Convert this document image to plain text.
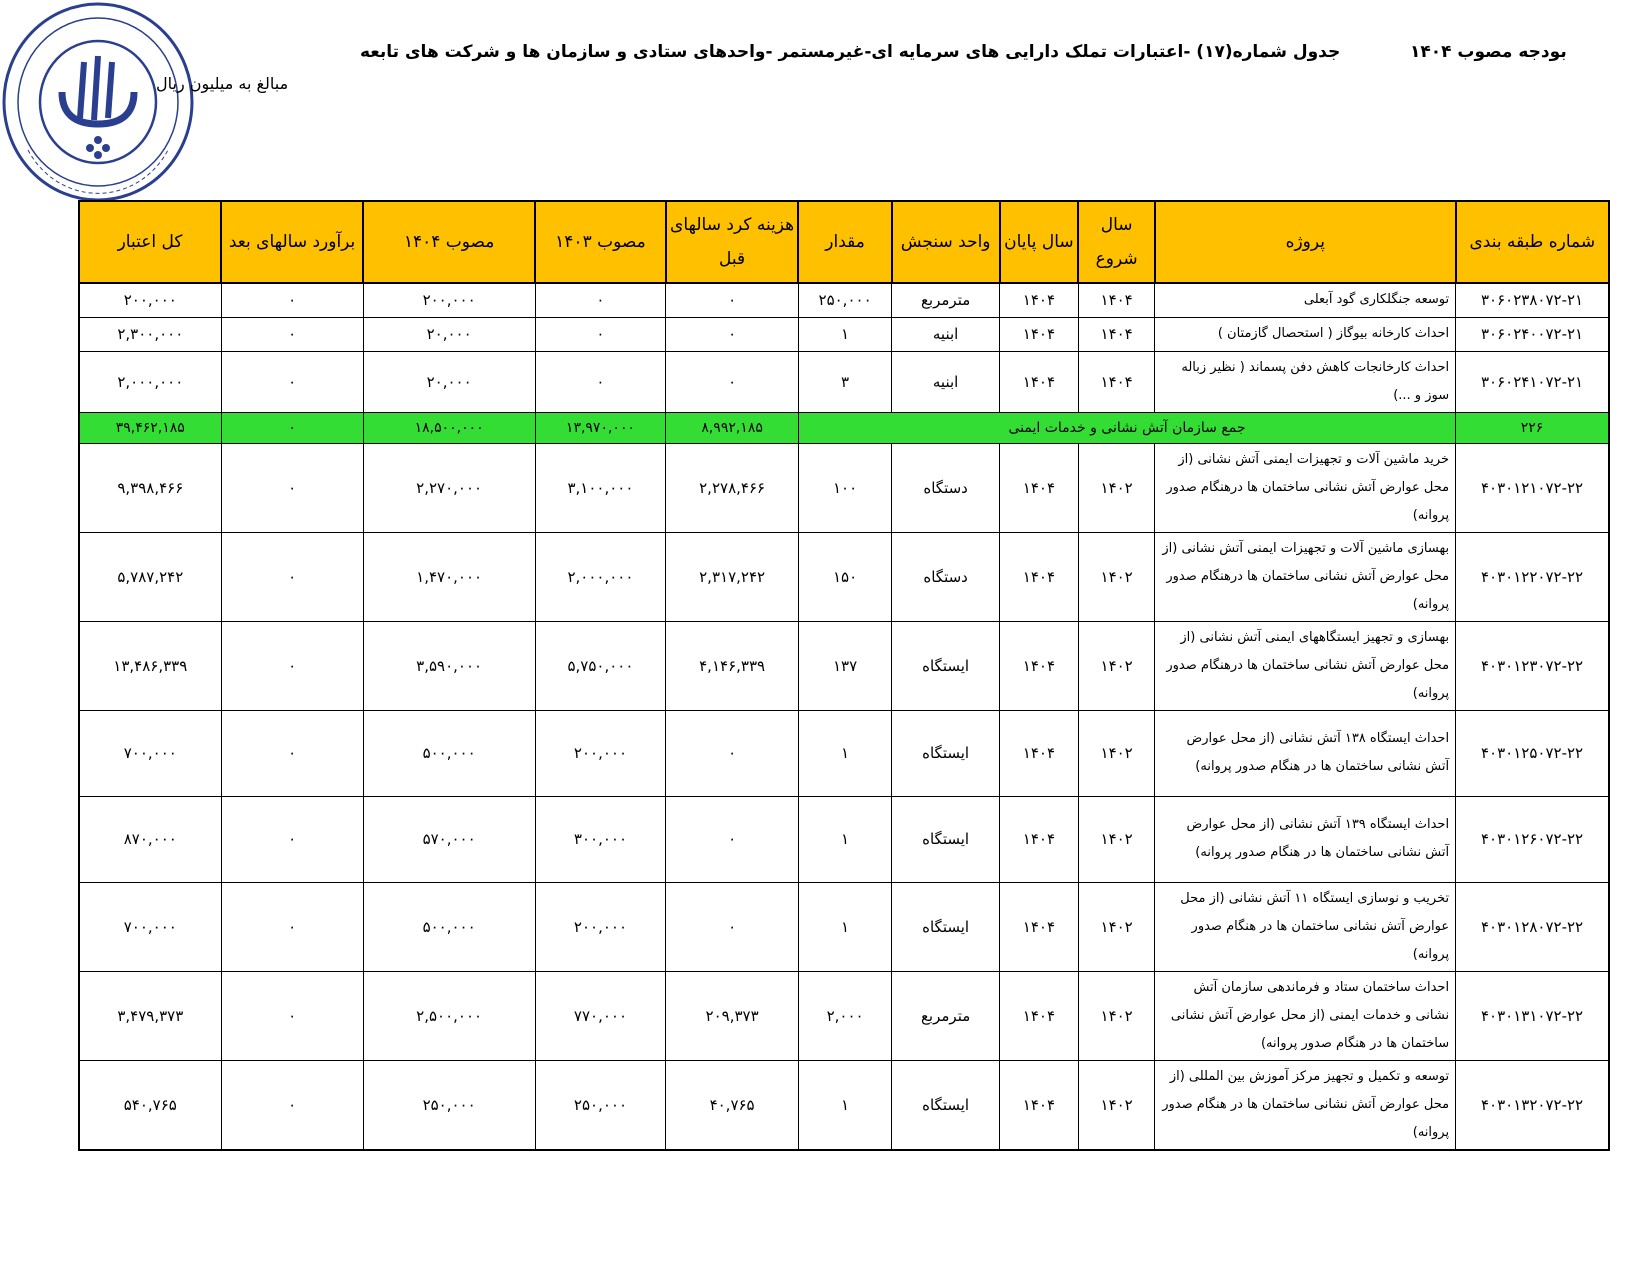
جدول شماره(۱۷) -اعتبارات تملک دارایی های سرمایه ای-غیرمستمر -واحدهای ستادی و سازمان ها و شرکت های تابعه	بودجه مصوب ۱۴۰۴
مبالغ به میلیون ریال
شماره طبقه بندی	پروژه	سال شروع	سال پایان	واحد سنجش	مقدار	هزینه کرد سالهای قبل	مصوب ۱۴۰۳	مصوب ۱۴۰۴	برآورد سالهای بعد	کل اعتبار
۳۰۶۰۲۳۸۰۷۲-۲۱	توسعه جنگلکاری گود آبعلی	۱۴۰۴	۱۴۰۴	مترمربع	۲۵۰,۰۰۰	۰	۰	۲۰۰,۰۰۰	۰	۲۰۰,۰۰۰
۳۰۶۰۲۴۰۰۷۲-۲۱	احداث کارخانه بیوگاز ( استحصال گازمتان )	۱۴۰۴	۱۴۰۴	ابنیه	۱	۰	۰	۲۰,۰۰۰	۰	۲,۳۰۰,۰۰۰
۳۰۶۰۲۴۱۰۷۲-۲۱	احداث کارخانجات کاهش دفن پسماند ( نظیر زباله سوز و ...)	۱۴۰۴	۱۴۰۴	ابنیه	۳	۰	۰	۲۰,۰۰۰	۰	۲,۰۰۰,۰۰۰
۲۲۶	جمع سازمان آتش نشانی و خدمات ایمنی					۸,۹۹۲,۱۸۵	۱۳,۹۷۰,۰۰۰	۱۸,۵۰۰,۰۰۰	۰	۳۹,۴۶۲,۱۸۵
۴۰۳۰۱۲۱۰۷۲-۲۲	خرید ماشین آلات و تجهیزات ایمنی آتش نشانی (از محل عوارض آتش نشانی ساختمان ها درهنگام صدور پروانه)	۱۴۰۲	۱۴۰۴	دستگاه	۱۰۰	۲,۲۷۸,۴۶۶	۳,۱۰۰,۰۰۰	۲,۲۷۰,۰۰۰	۰	۹,۳۹۸,۴۶۶
۴۰۳۰۱۲۲۰۷۲-۲۲	بهسازی ماشین آلات و تجهیزات ایمنی آتش نشانی (از محل عوارض آتش نشانی ساختمان ها درهنگام صدور پروانه)	۱۴۰۲	۱۴۰۴	دستگاه	۱۵۰	۲,۳۱۷,۲۴۲	۲,۰۰۰,۰۰۰	۱,۴۷۰,۰۰۰	۰	۵,۷۸۷,۲۴۲
۴۰۳۰۱۲۳۰۷۲-۲۲	بهسازی و تجهیز ایستگاههای ایمنی آتش نشانی (از محل عوارض آتش نشانی ساختمان ها درهنگام صدور پروانه)	۱۴۰۲	۱۴۰۴	ایستگاه	۱۳۷	۴,۱۴۶,۳۳۹	۵,۷۵۰,۰۰۰	۳,۵۹۰,۰۰۰	۰	۱۳,۴۸۶,۳۳۹
۴۰۳۰۱۲۵۰۷۲-۲۲	احداث ایستگاه ۱۳۸ آتش نشانی (از محل عوارض آتش نشانی ساختمان ها در هنگام صدور پروانه)	۱۴۰۲	۱۴۰۴	ایستگاه	۱	۰	۲۰۰,۰۰۰	۵۰۰,۰۰۰	۰	۷۰۰,۰۰۰
۴۰۳۰۱۲۶۰۷۲-۲۲	احداث ایستگاه ۱۳۹ آتش نشانی (از محل عوارض آتش نشانی ساختمان ها در هنگام صدور پروانه)	۱۴۰۲	۱۴۰۴	ایستگاه	۱	۰	۳۰۰,۰۰۰	۵۷۰,۰۰۰	۰	۸۷۰,۰۰۰
۴۰۳۰۱۲۸۰۷۲-۲۲	تخریب و نوسازی ایستگاه ۱۱ آتش نشانی (از محل عوارض آتش نشانی ساختمان ها در هنگام صدور پروانه)	۱۴۰۲	۱۴۰۴	ایستگاه	۱	۰	۲۰۰,۰۰۰	۵۰۰,۰۰۰	۰	۷۰۰,۰۰۰
۴۰۳۰۱۳۱۰۷۲-۲۲	احداث ساختمان ستاد و فرماندهی سازمان آتش نشانی و خدمات ایمنی (از محل عوارض آتش نشانی ساختمان ها در هنگام صدور پروانه)	۱۴۰۲	۱۴۰۴	مترمربع	۲,۰۰۰	۲۰۹,۳۷۳	۷۷۰,۰۰۰	۲,۵۰۰,۰۰۰	۰	۳,۴۷۹,۳۷۳
۴۰۳۰۱۳۲۰۷۲-۲۲	توسعه و تکمیل و تجهیز مرکز آموزش بین المللی (از محل عوارض آتش نشانی ساختمان ها در هنگام صدور پروانه)	۱۴۰۲	۱۴۰۴	ایستگاه	۱	۴۰,۷۶۵	۲۵۰,۰۰۰	۲۵۰,۰۰۰	۰	۵۴۰,۷۶۵
